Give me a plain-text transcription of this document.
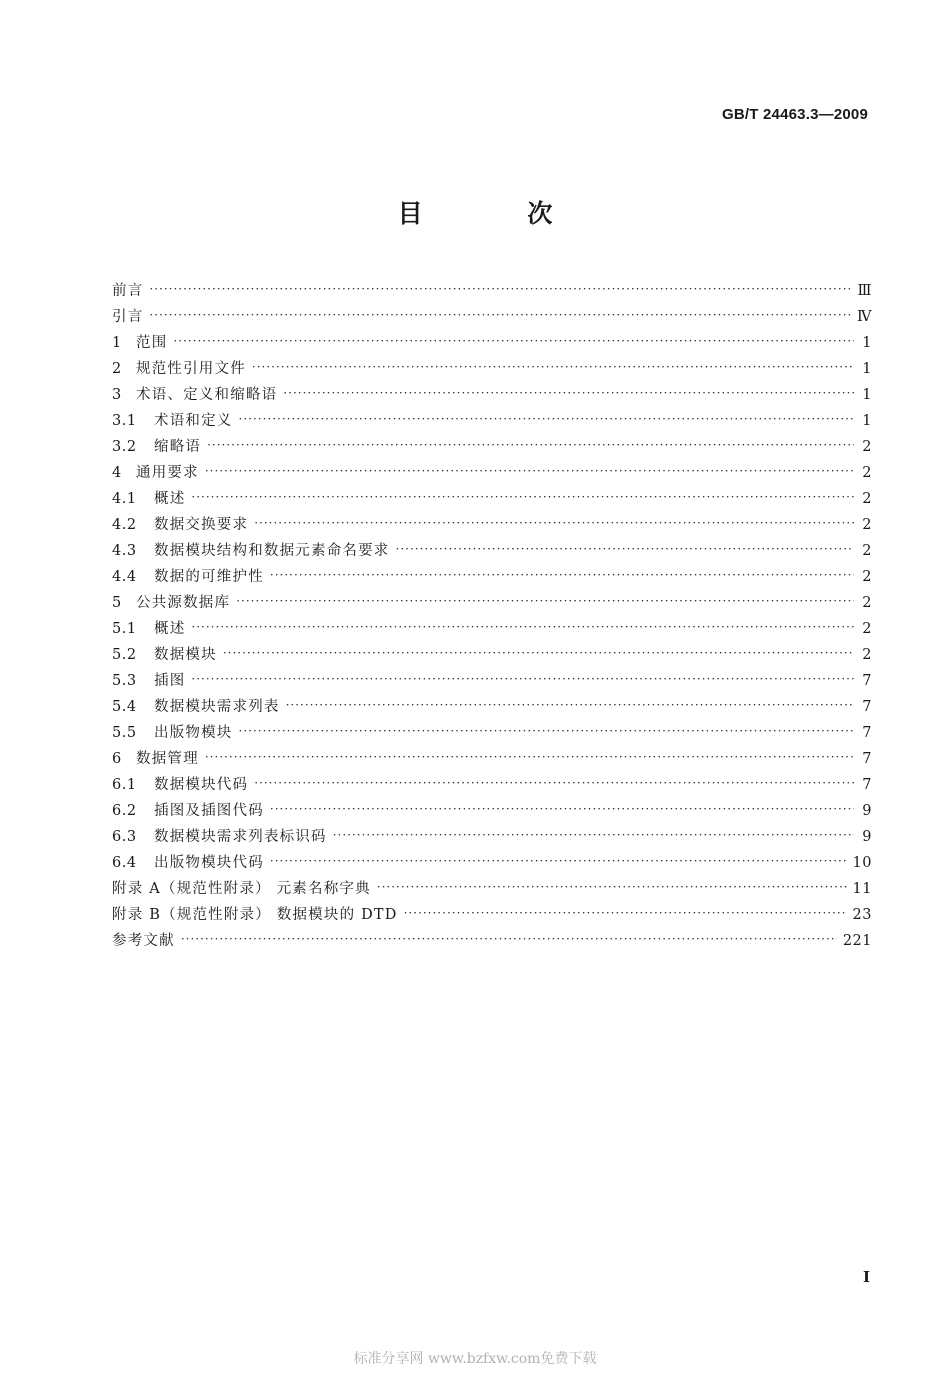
GB/T 24463.3—2009
目 次
前言 ·····	Ⅲ
引言 ·····	Ⅳ
1 范围 ·····	1
2 规范性引用文件 ·····	1
3 术语、定义和缩略语 ·····	1
3.1	术语和定义 ·····	1
3.2	缩略语 ·····	2
4 通用要求 ·····	2
4.1	概述 ·····	2
4.2	数据交换要求 ·····	2
4.3	数据模块结构和数据元素命名要求 ·····	2
4.4	数据的可维护性 ·····	2
5 公共源数据库 ·····	2
5.1	概述 ·····	2
5.2	数据模块 ·····	2
5.3	插图 ·····	7
5.4	数据模块需求列表 ·····	7
5.5	出版物模块 ·····	7
6 数据管理 ·····	7
6.1	数据模块代码 ·····	7
6.2	插图及插图代码 ·····	9
6.3	数据模块需求列表标识码 ·····	9
6.4	出版物模块代码 ·····	10
附录 A（规范性附录） 元素名称字典 ·····	11
附录 B（规范性附录） 数据模块的 DTD ·····	23
参考文献 ·····	221
I
标准分享网 www.bzfxw.com免费下载
